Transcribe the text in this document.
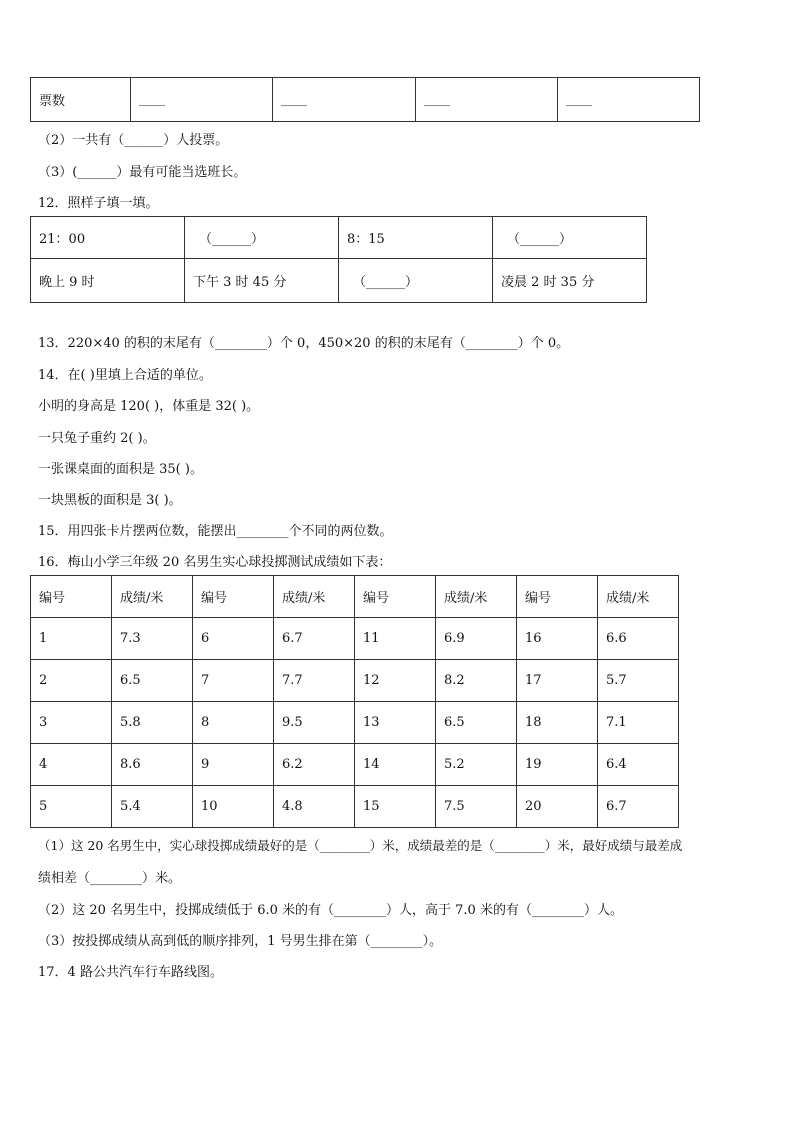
票数	____	____	____	____
（2）一共有（______）人投票。
（3）(______）最有可能当选班长。
12．照样子填一填。
21：00	（______）	8：15	（______）
晚上 9 时	下午 3 时 45 分	（______）	凌晨 2 时 35 分
13．220×40 的积的末尾有（________）个 0，450×20 的积的末尾有（________）个 0。
14．在( )里填上合适的单位。
小明的身高是 120( )，体重是 32( )。
一只兔子重约 2( )。
一张课桌面的面积是 35( )。
一块黑板的面积是 3( )。
15．用四张卡片摆两位数，能摆出________个不同的两位数。
16．梅山小学三年级 20 名男生实心球投掷测试成绩如下表：
编号	成绩/米	编号	成绩/米	编号	成绩/米	编号	成绩/米
1	7.3	6	6.7	11	6.9	16	6.6
2	6.5	7	7.7	12	8.2	17	5.7
3	5.8	8	9.5	13	6.5	18	7.1
4	8.6	9	6.2	14	5.2	19	6.4
5	5.4	10	4.8	15	7.5	20	6.7
（1）这 20 名男生中，实心球投掷成绩最好的是（________）米，成绩最差的是（________）米，最好成绩与最差成
绩相差（________）米。
（2）这 20 名男生中，投掷成绩低于 6.0 米的有（________）人，高于 7.0 米的有（________）人。
（3）按投掷成绩从高到低的顺序排列，1 号男生排在第（________）。
17．4 路公共汽车行车路线图。
